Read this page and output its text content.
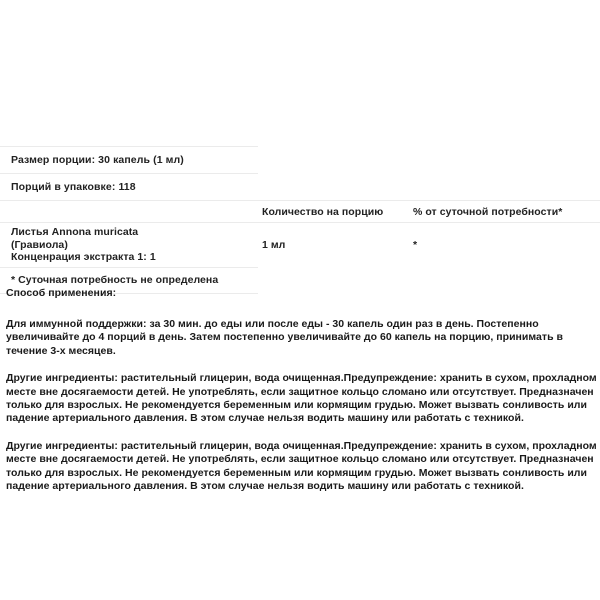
Размер порции: 30 капель (1 мл)
Порций в упаковке: 118
Количество на порцию	% от суточной потребности*
Листья Annona muricata
(Гравиола)
Конценрация экстракта 1: 1
1 мл	*
* Суточная потребность не определена

Способ применения:

Для иммунной поддержки: за 30 мин. до еды или после еды - 30 капель один раз в день. Постепенно увеличивайте до 4 порций в день. Затем постепенно увеличивайте до 60 капель на порцию, принимать в течение 3-х месяцев.

Другие ингредиенты: растительный глицерин, вода очищенная.Предупреждение: хранить в сухом, прохладном месте вне досягаемости детей. Не употреблять, если защитное кольцо сломано или отсутствует. Предназначен только для взрослых. Не рекомендуется беременным или кормящим грудью. Может вызвать сонливость или падение артериального давления. В этом случае нельзя водить машину или работать с техникой.

Другие ингредиенты: растительный глицерин, вода очищенная.Предупреждение: хранить в сухом, прохладном месте вне досягаемости детей. Не употреблять, если защитное кольцо сломано или отсутствует. Предназначен только для взрослых. Не рекомендуется беременным или кормящим грудью. Может вызвать сонливость или падение артериального давления. В этом случае нельзя водить машину или работать с техникой.
